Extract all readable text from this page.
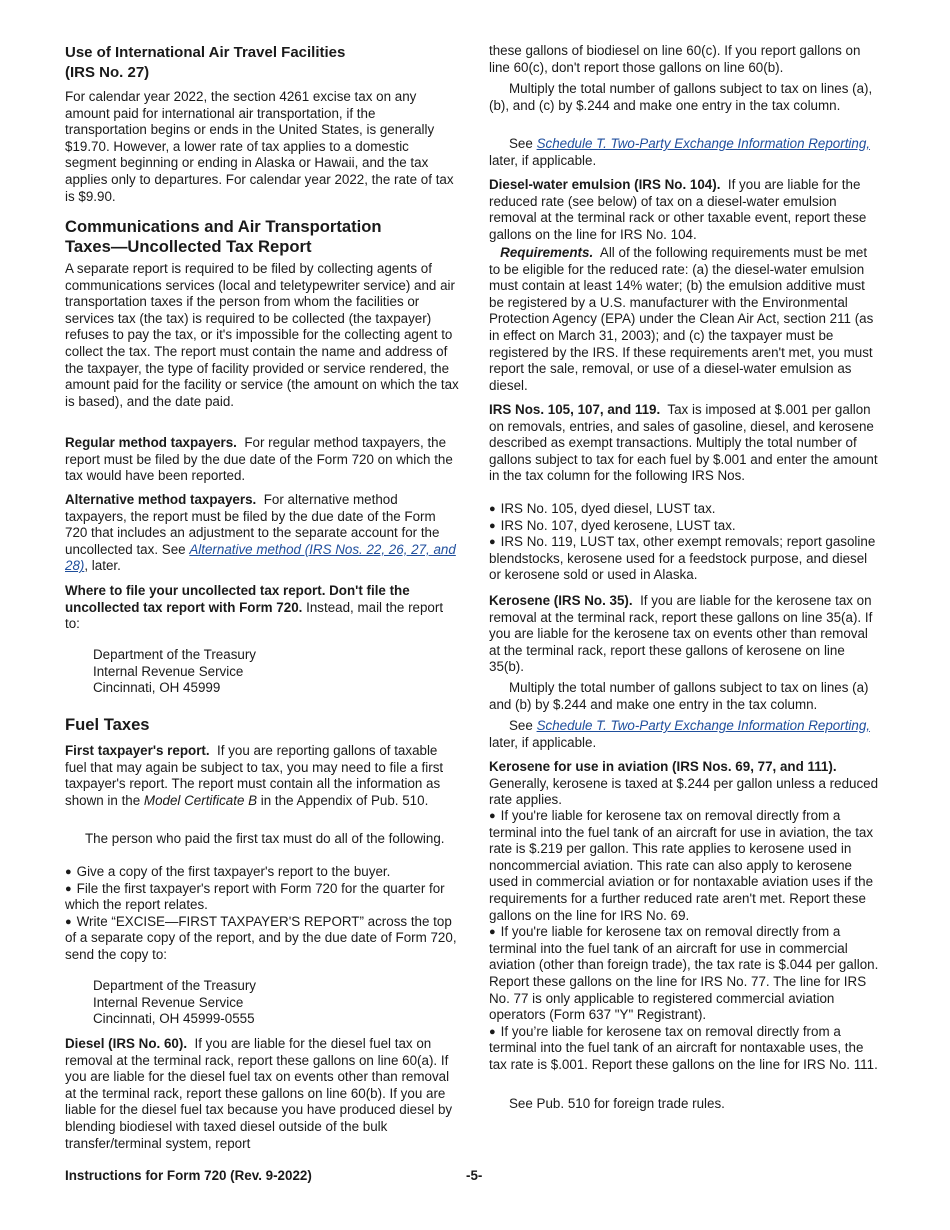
Use of International Air Travel Facilities
(IRS No. 27)

For calendar year 2022, the section 4261 excise tax on any amount paid for international air transportation, if the transportation begins or ends in the United States, is generally $19.70. However, a lower rate of tax applies to a domestic segment beginning or ending in Alaska or Hawaii, and the tax applies only to departures. For calendar year 2022, the rate of tax is $9.90.

Communications and Air Transportation
Taxes—Uncollected Tax Report

A separate report is required to be filed by collecting agents of communications services (local and teletypewriter service) and air transportation taxes if the person from whom the facilities or services tax (the tax) is required to be collected (the taxpayer) refuses to pay the tax, or it's impossible for the collecting agent to collect the tax. The report must contain the name and address of the taxpayer, the type of facility provided or service rendered, the amount paid for the facility or service (the amount on which the tax is based), and the date paid.

Regular method taxpayers. For regular method taxpayers, the report must be filed by the due date of the Form 720 on which the tax would have been reported.

Alternative method taxpayers. For alternative method taxpayers, the report must be filed by the due date of the Form 720 that includes an adjustment to the separate account for the uncollected tax. See Alternative method (IRS Nos. 22, 26, 27, and 28), later.

Where to file your uncollected tax report. Don't file the uncollected tax report with Form 720. Instead, mail the report to:

Department of the Treasury
Internal Revenue Service
Cincinnati, OH 45999
Fuel Taxes

First taxpayer's report. If you are reporting gallons of taxable fuel that may again be subject to tax, you may need to file a first taxpayer's report. The report must contain all the information as shown in the Model Certificate B in the Appendix of Pub. 510.

The person who paid the first tax must do all of the following.

● Give a copy of the first taxpayer's report to the buyer.
● File the first taxpayer's report with Form 720 for the quarter for which the report relates.
● Write “EXCISE—FIRST TAXPAYER'S REPORT” across the top of a separate copy of the report, and by the due date of Form 720, send the copy to:
Department of the Treasury
Internal Revenue Service
Cincinnati, OH 45999-0555

Diesel (IRS No. 60). If you are liable for the diesel fuel tax on removal at the terminal rack, report these gallons on line 60(a). If you are liable for the diesel fuel tax on events other than removal at the terminal rack, report these gallons on line 60(b). If you are liable for the diesel fuel tax because you have produced diesel by blending biodiesel with taxed diesel outside of the bulk transfer/terminal system, report

these gallons of biodiesel on line 60(c). If you report gallons on line 60(c), don't report those gallons on line 60(b).

Multiply the total number of gallons subject to tax on lines (a), (b), and (c) by $.244 and make one entry in the tax column.

See Schedule T. Two-Party Exchange Information Reporting, later, if applicable.

Diesel-water emulsion (IRS No. 104). If you are liable for the reduced rate (see below) of tax on a diesel-water emulsion removal at the terminal rack or other taxable event, report these gallons on the line for IRS No. 104.

Requirements. All of the following requirements must be met to be eligible for the reduced rate: (a) the diesel-water emulsion must contain at least 14% water; (b) the emulsion additive must be registered by a U.S. manufacturer with the Environmental Protection Agency (EPA) under the Clean Air Act, section 211 (as in effect on March 31, 2003); and (c) the taxpayer must be registered by the IRS. If these requirements aren't met, you must report the sale, removal, or use of a diesel-water emulsion as diesel.

IRS Nos. 105, 107, and 119. Tax is imposed at $.001 per gallon on removals, entries, and sales of gasoline, diesel, and kerosene described as exempt transactions. Multiply the total number of gallons subject to tax for each fuel by $.001 and enter the amount in the tax column for the following IRS Nos.

● IRS No. 105, dyed diesel, LUST tax.
● IRS No. 107, dyed kerosene, LUST tax.
● IRS No. 119, LUST tax, other exempt removals; report gasoline blendstocks, kerosene used for a feedstock purpose, and diesel or kerosene sold or used in Alaska.

Kerosene (IRS No. 35). If you are liable for the kerosene tax on removal at the terminal rack, report these gallons on line 35(a). If you are liable for the kerosene tax on events other than removal at the terminal rack, report these gallons of kerosene on line 35(b).

Multiply the total number of gallons subject to tax on lines (a) and (b) by $.244 and make one entry in the tax column.

See Schedule T. Two-Party Exchange Information Reporting, later, if applicable.

Kerosene for use in aviation (IRS Nos. 69, 77, and 111). Generally, kerosene is taxed at $.244 per gallon unless a reduced rate applies.

● If you're liable for kerosene tax on removal directly from a terminal into the fuel tank of an aircraft for use in aviation, the tax rate is $.219 per gallon. This rate applies to kerosene used in noncommercial aviation. This rate can also apply to kerosene used in commercial aviation or for nontaxable aviation uses if the requirements for a further reduced rate aren't met. Report these gallons on the line for IRS No. 69.
● If you're liable for kerosene tax on removal directly from a terminal into the fuel tank of an aircraft for use in commercial aviation (other than foreign trade), the tax rate is $.044 per gallon. Report these gallons on the line for IRS No. 77. The line for IRS No. 77 is only applicable to registered commercial aviation operators (Form 637 "Y" Registrant).
● If you’re liable for kerosene tax on removal directly from a terminal into the fuel tank of an aircraft for nontaxable uses, the tax rate is $.001. Report these gallons on the line for IRS No. 111.

See Pub. 510 for foreign trade rules.

Instructions for Form 720 (Rev. 9-2022)	-5-
